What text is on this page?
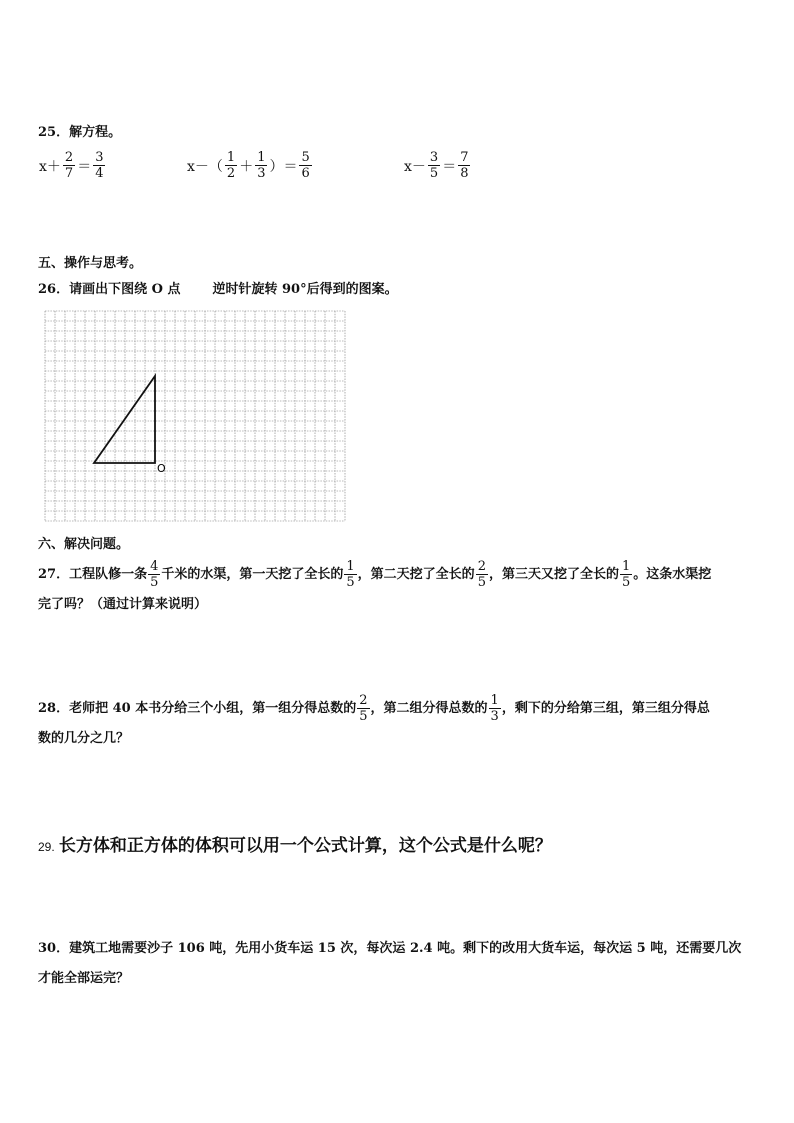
25．解方程。
$x+ \frac{2}{7} = \frac{3}{4}$	$x-( \frac{1}{2} + \frac{1}{3}$ ）＝ $\frac{5}{6}$	$x- \frac{3}{5} = \frac{7}{8}$
五、操作与思考。
26．请画出下图绕 O 点 逆时针旋转 90°后得到的图案。
O
六、解决问题。
27．工程队修一条 $\frac{4}{5}$ 千米的水渠，第一天挖了全长的 $\frac{1}{5}$ ，第二天挖了全长的 $\frac{2}{5}$ ，第三天又挖了全长的 $\frac{1}{5}$ 。这条水渠挖
完了吗？（通过计算来说明）
28．老师把 40 本书分给三个小组，第一组分得总数的 $\frac{2}{5}$ ，第二组分得总数的 $\frac{1}{3}$ ，剩下的分给第三组，第三组分得总
数的几分之几？
29. 长方体和正方体的体积可以用一个公式计算，这个公式是什么呢？
30．建筑工地需要沙子 106 吨，先用小货车运 15 次，每次运 2.4 吨。剩下的改用大货车运，每次运 5 吨，还需要几次
才能全部运完？
